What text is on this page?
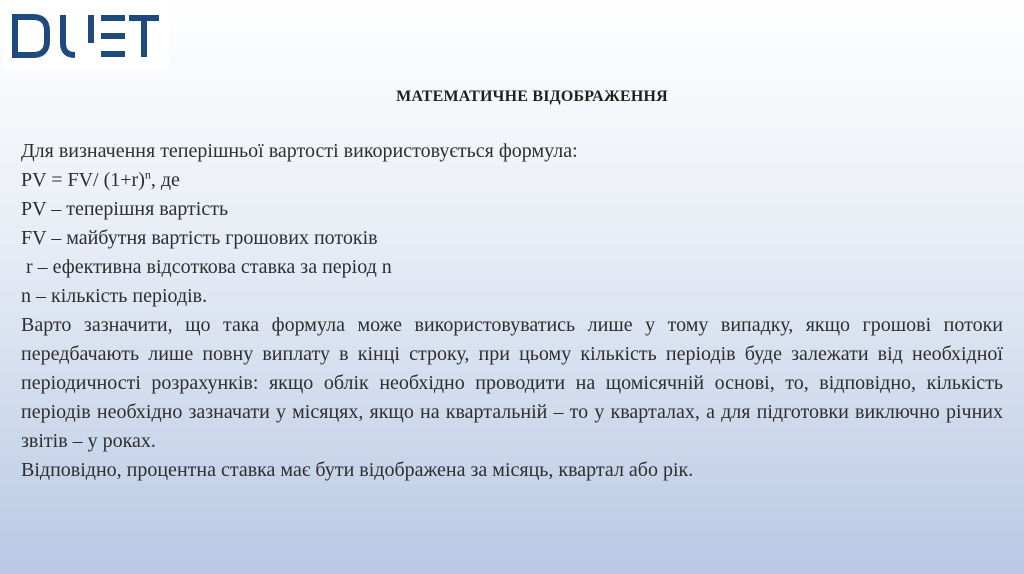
МАТЕМАТИЧНЕ ВІДОБРАЖЕННЯ
Для визначення теперішньої вартості використовується формула:
PV = FV/ $(1+r)^n$, де
PV – теперішня вартість
FV – майбутня вартість грошових потоків
r – ефективна відсоткова ставка за період n
n – кількість періодів.
Варто зазначити, що така формула може використовуватись лише у тому випадку, якщо грошові потоки передбачають лише повну виплату в кінці строку, при цьому кількість періодів буде залежати від необхідної періодичності розрахунків: якщо облік необхідно проводити на щомісячній основі, то, відповідно, кількість періодів необхідно зазначати у місяцях, якщо на квартальній – то у кварталах, а для підготовки виключно річних звітів – у роках.
Відповідно, процентна ставка має бути відображена за місяць, квартал або рік.
